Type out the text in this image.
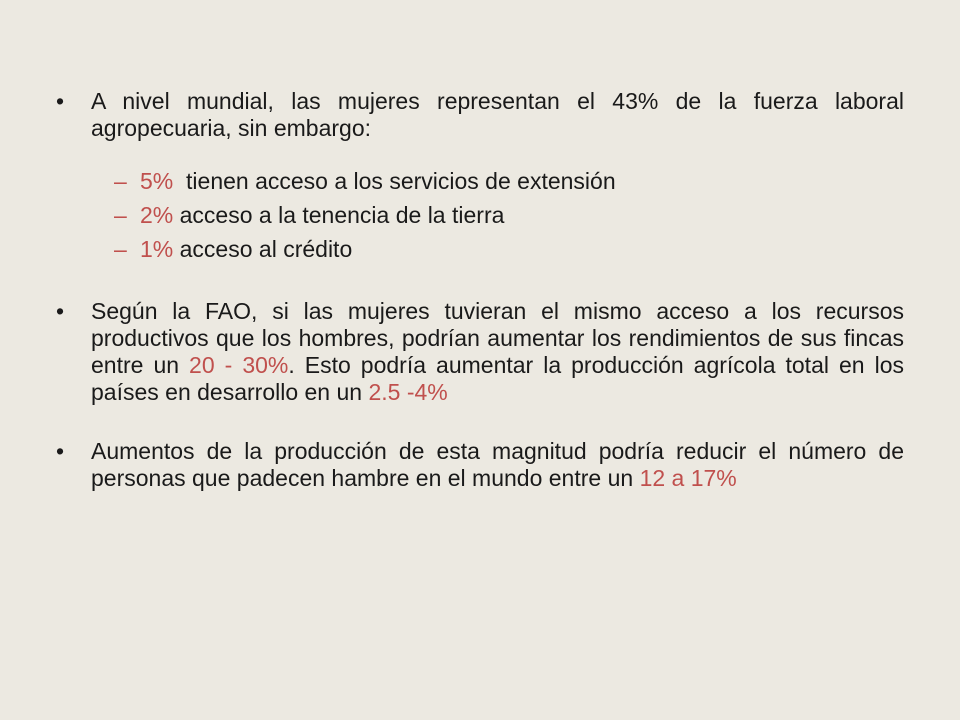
•	A nivel mundial, las mujeres representan el 43% de la fuerza laboral agropecuaria, sin embargo:
– 5%  tienen acceso a los servicios de extensión
– 2% acceso a la tenencia de la tierra
– 1% acceso al crédito
•	Según la FAO, si las mujeres tuvieran el mismo acceso a los recursos productivos que los hombres, podrían aumentar los rendimientos de sus fincas entre un 20 - 30%. Esto podría aumentar la producción agrícola total en los países en desarrollo en un 2.5 -4%
•	Aumentos de la producción de esta magnitud podría reducir el número de personas que padecen hambre en el mundo entre un 12 a 17%
